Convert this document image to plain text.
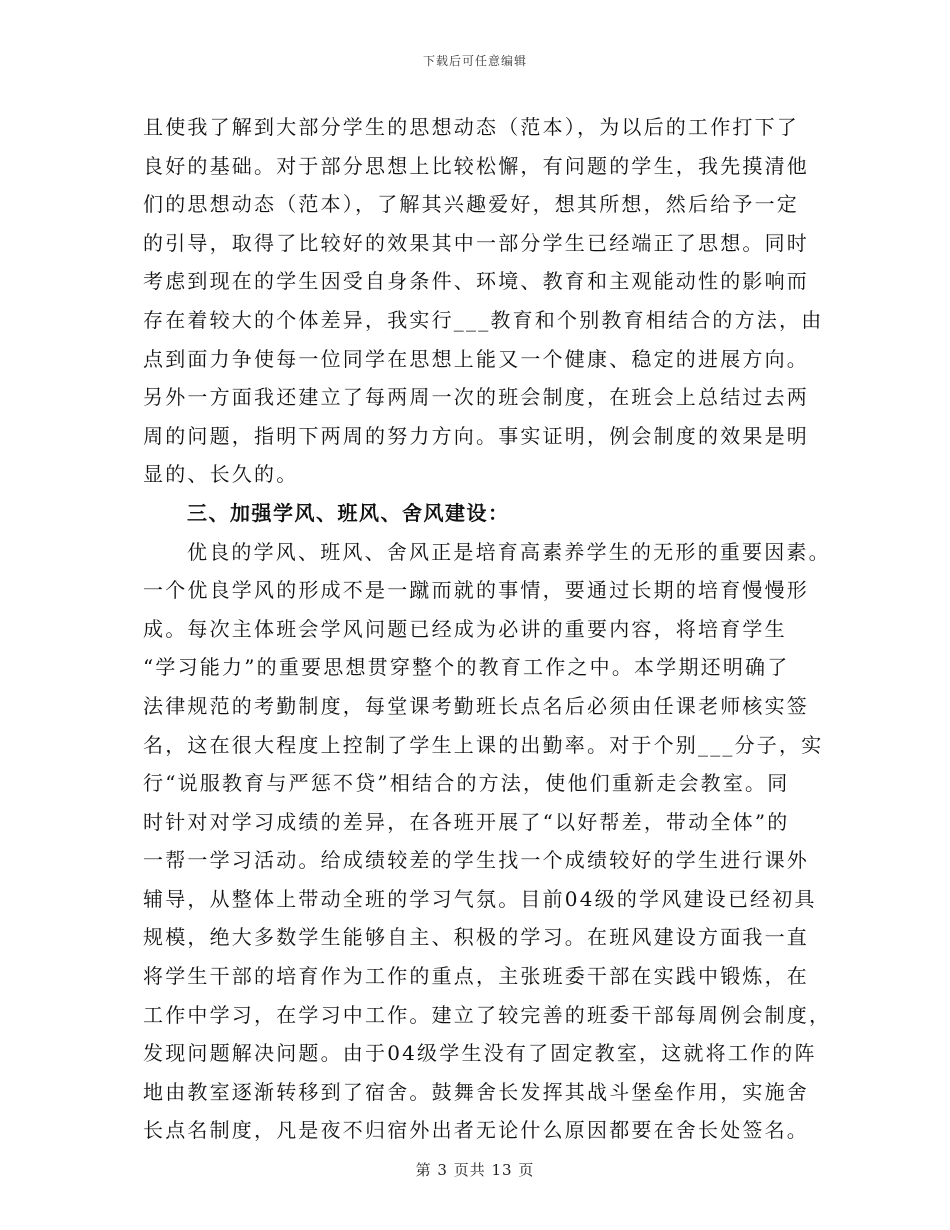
下载后可任意编辑
且使我了解到大部分学生的思想动态（范本），为以后的工作打下了
良好的基础。对于部分思想上比较松懈，有问题的学生，我先摸清他
们的思想动态（范本），了解其兴趣爱好，想其所想，然后给予一定
的引导，取得了比较好的效果其中一部分学生已经端正了思想。同时
考虑到现在的学生因受自身条件、环境、教育和主观能动性的影响而
存在着较大的个体差异，我实行___教育和个别教育相结合的方法，由
点到面力争使每一位同学在思想上能又一个健康、稳定的进展方向。
另外一方面我还建立了每两周一次的班会制度，在班会上总结过去两
周的问题，指明下两周的努力方向。事实证明，例会制度的效果是明
显的、长久的。
三、加强学风、班风、舍风建设：
优良的学风、班风、舍风正是培育高素养学生的无形的重要因素。
一个优良学风的形成不是一蹴而就的事情，要通过长期的培育慢慢形
成。每次主体班会学风问题已经成为必讲的重要内容，将培育学生
“学习能力”的重要思想贯穿整个的教育工作之中。本学期还明确了
法律规范的考勤制度，每堂课考勤班长点名后必须由任课老师核实签
名，这在很大程度上控制了学生上课的出勤率。对于个别___分子，实
行“说服教育与严惩不贷”相结合的方法，使他们重新走会教室。同
时针对对学习成绩的差异，在各班开展了“以好帮差，带动全体”的
一帮一学习活动。给成绩较差的学生找一个成绩较好的学生进行课外
辅导，从整体上带动全班的学习气氛。目前04级的学风建设已经初具
规模，绝大多数学生能够自主、积极的学习。在班风建设方面我一直
将学生干部的培育作为工作的重点，主张班委干部在实践中锻炼，在
工作中学习，在学习中工作。建立了较完善的班委干部每周例会制度，
发现问题解决问题。由于04级学生没有了固定教室，这就将工作的阵
地由教室逐渐转移到了宿舍。鼓舞舍长发挥其战斗堡垒作用，实施舍
长点名制度，凡是夜不归宿外出者无论什么原因都要在舍长处签名。
第 3 页共 13 页
